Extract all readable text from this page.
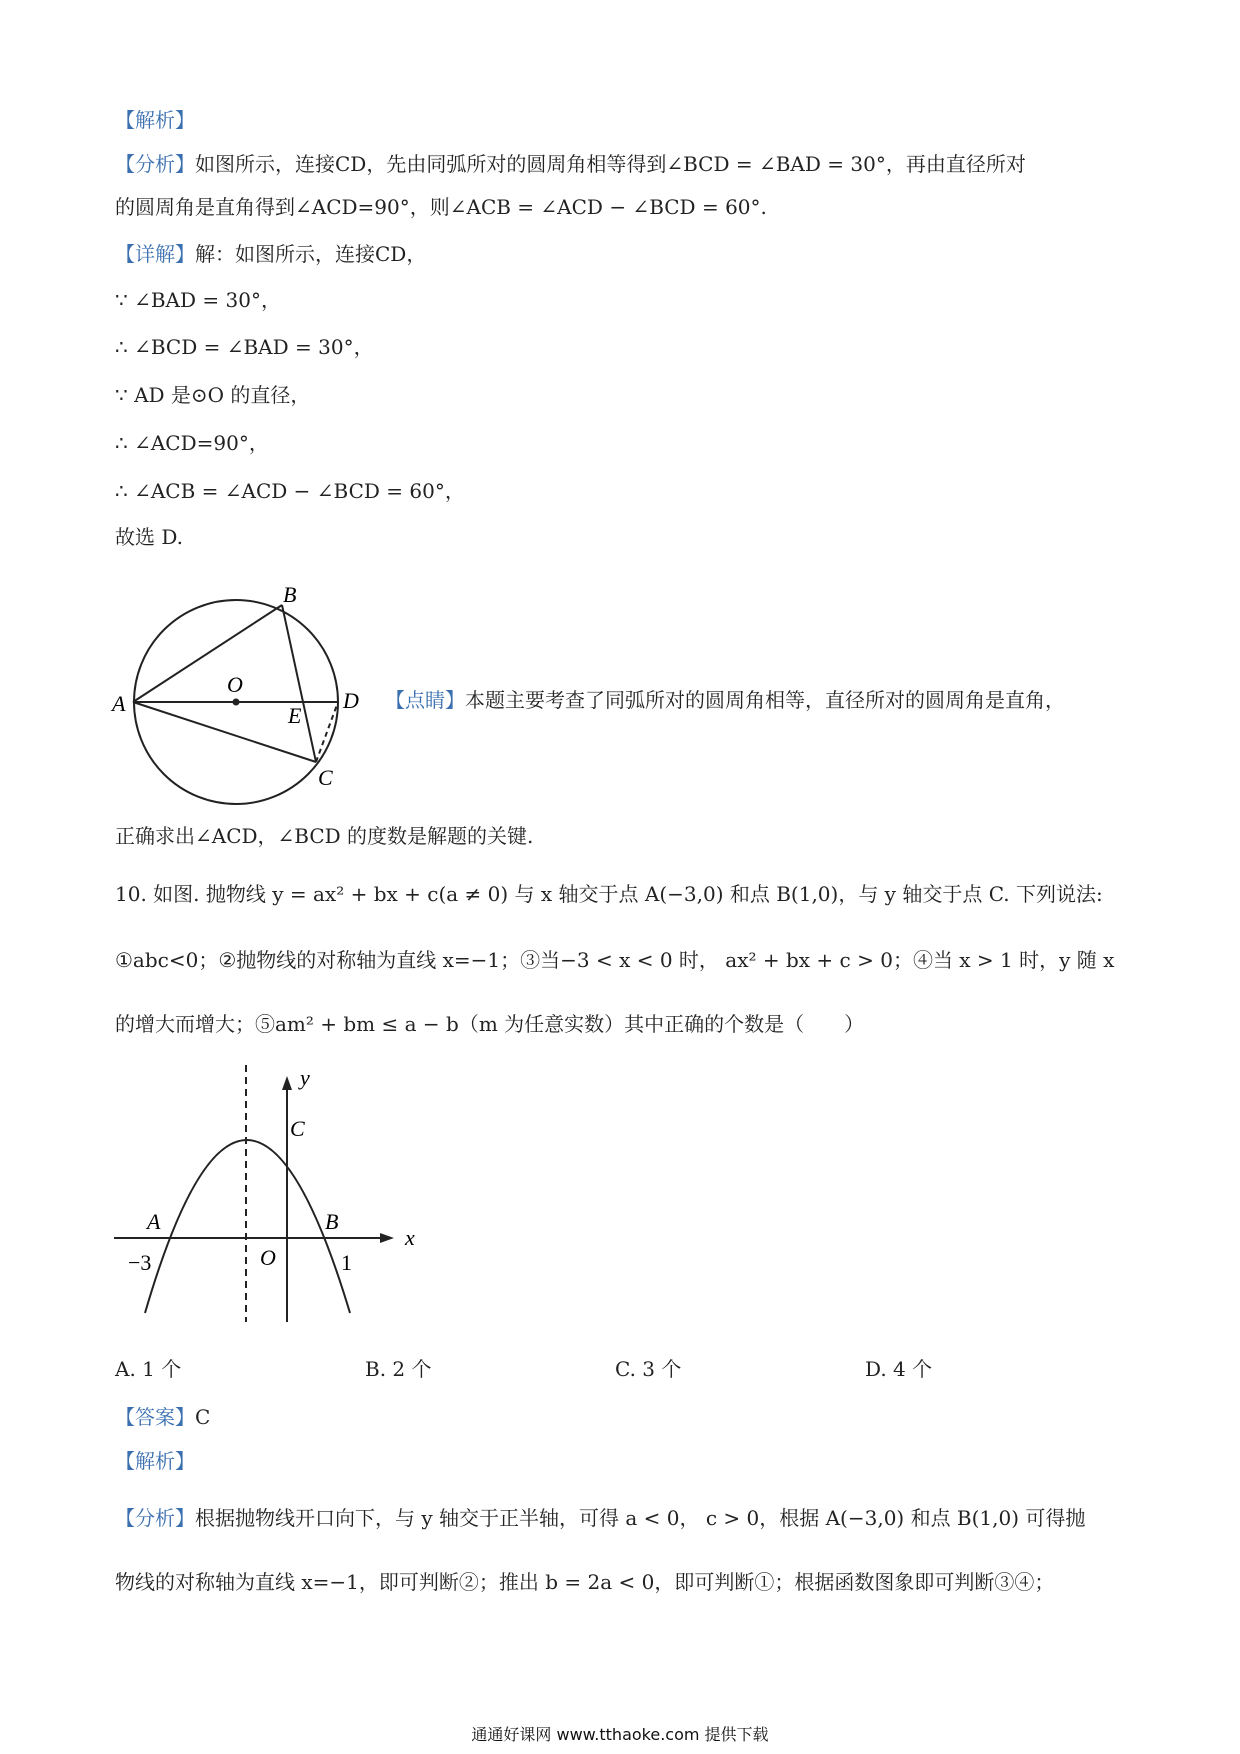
【解析】
【分析】如图所示，连接CD，先由同弧所对的圆周角相等得到∠BCD = ∠BAD = 30°，再由直径所对
的圆周角是直角得到∠ACD=90°，则∠ACB = ∠ACD − ∠BCD = 60°.
【详解】解：如图所示，连接CD，
∵ ∠BAD = 30°，
∴ ∠BCD = ∠BAD = 30°，
∵ AD 是⊙O 的直径，
∴ ∠ACD=90°，
∴ ∠ACB = ∠ACD − ∠BCD = 60°，
故选 D.
A
B
O
E
D
C
【点睛】本题主要考查了同弧所对的圆周角相等，直径所对的圆周角是直角，
正确求出∠ACD，∠BCD 的度数是解题的关键.
10. 如图. 抛物线 y = ax² + bx + c(a ≠ 0) 与 x 轴交于点 A(−3,0) 和点 B(1,0)，与 y 轴交于点 C. 下列说法:
①abc<0；②抛物线的对称轴为直线 x=−1；③当−3 < x < 0 时， ax² + bx + c > 0；④当 x > 1 时，y 随 x
的增大而增大；⑤am² + bm ≤ a − b（m 为任意实数）其中正确的个数是（　　）
y
x
C
A	B
O
−3	1
A. 1 个	B. 2 个	C. 3 个	D. 4 个
【答案】C
【解析】
【分析】根据抛物线开口向下，与 y 轴交于正半轴，可得 a < 0， c > 0，根据 A(−3,0) 和点 B(1,0) 可得抛
物线的对称轴为直线 x=−1，即可判断②；推出 b = 2a < 0，即可判断①；根据函数图象即可判断③④；
通通好课网 www.tthaoke.com 提供下载
